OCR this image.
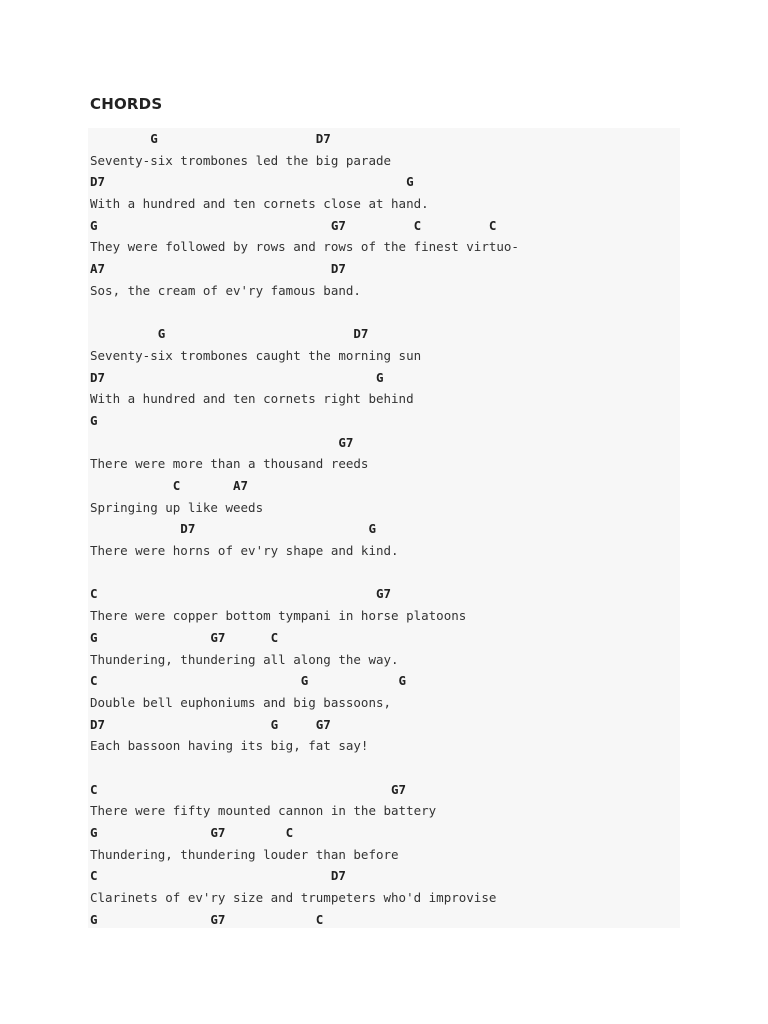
CHORDS
G                     D7
Seventy-six trombones led the big parade
D7                                        G
With a hundred and ten cornets close at hand.
G                               G7         C         C
They were followed by rows and rows of the finest virtuo-
A7                              D7
Sos, the cream of ev'ry famous band.
G                         D7
Seventy-six trombones caught the morning sun
D7                                    G
With a hundred and ten cornets right behind
G
G7
There were more than a thousand reeds
C       A7
Springing up like weeds
D7                       G
There were horns of ev'ry shape and kind.
C                                     G7
There were copper bottom tympani in horse platoons
G               G7      C
Thundering, thundering all along the way.
C                           G            G
Double bell euphoniums and big bassoons,
D7                      G     G7
Each bassoon having its big, fat say!
C                                       G7
There were fifty mounted cannon in the battery
G               G7        C
Thundering, thundering louder than before
C                               D7
Clarinets of ev'ry size and trumpeters who'd improvise
G               G7            C
